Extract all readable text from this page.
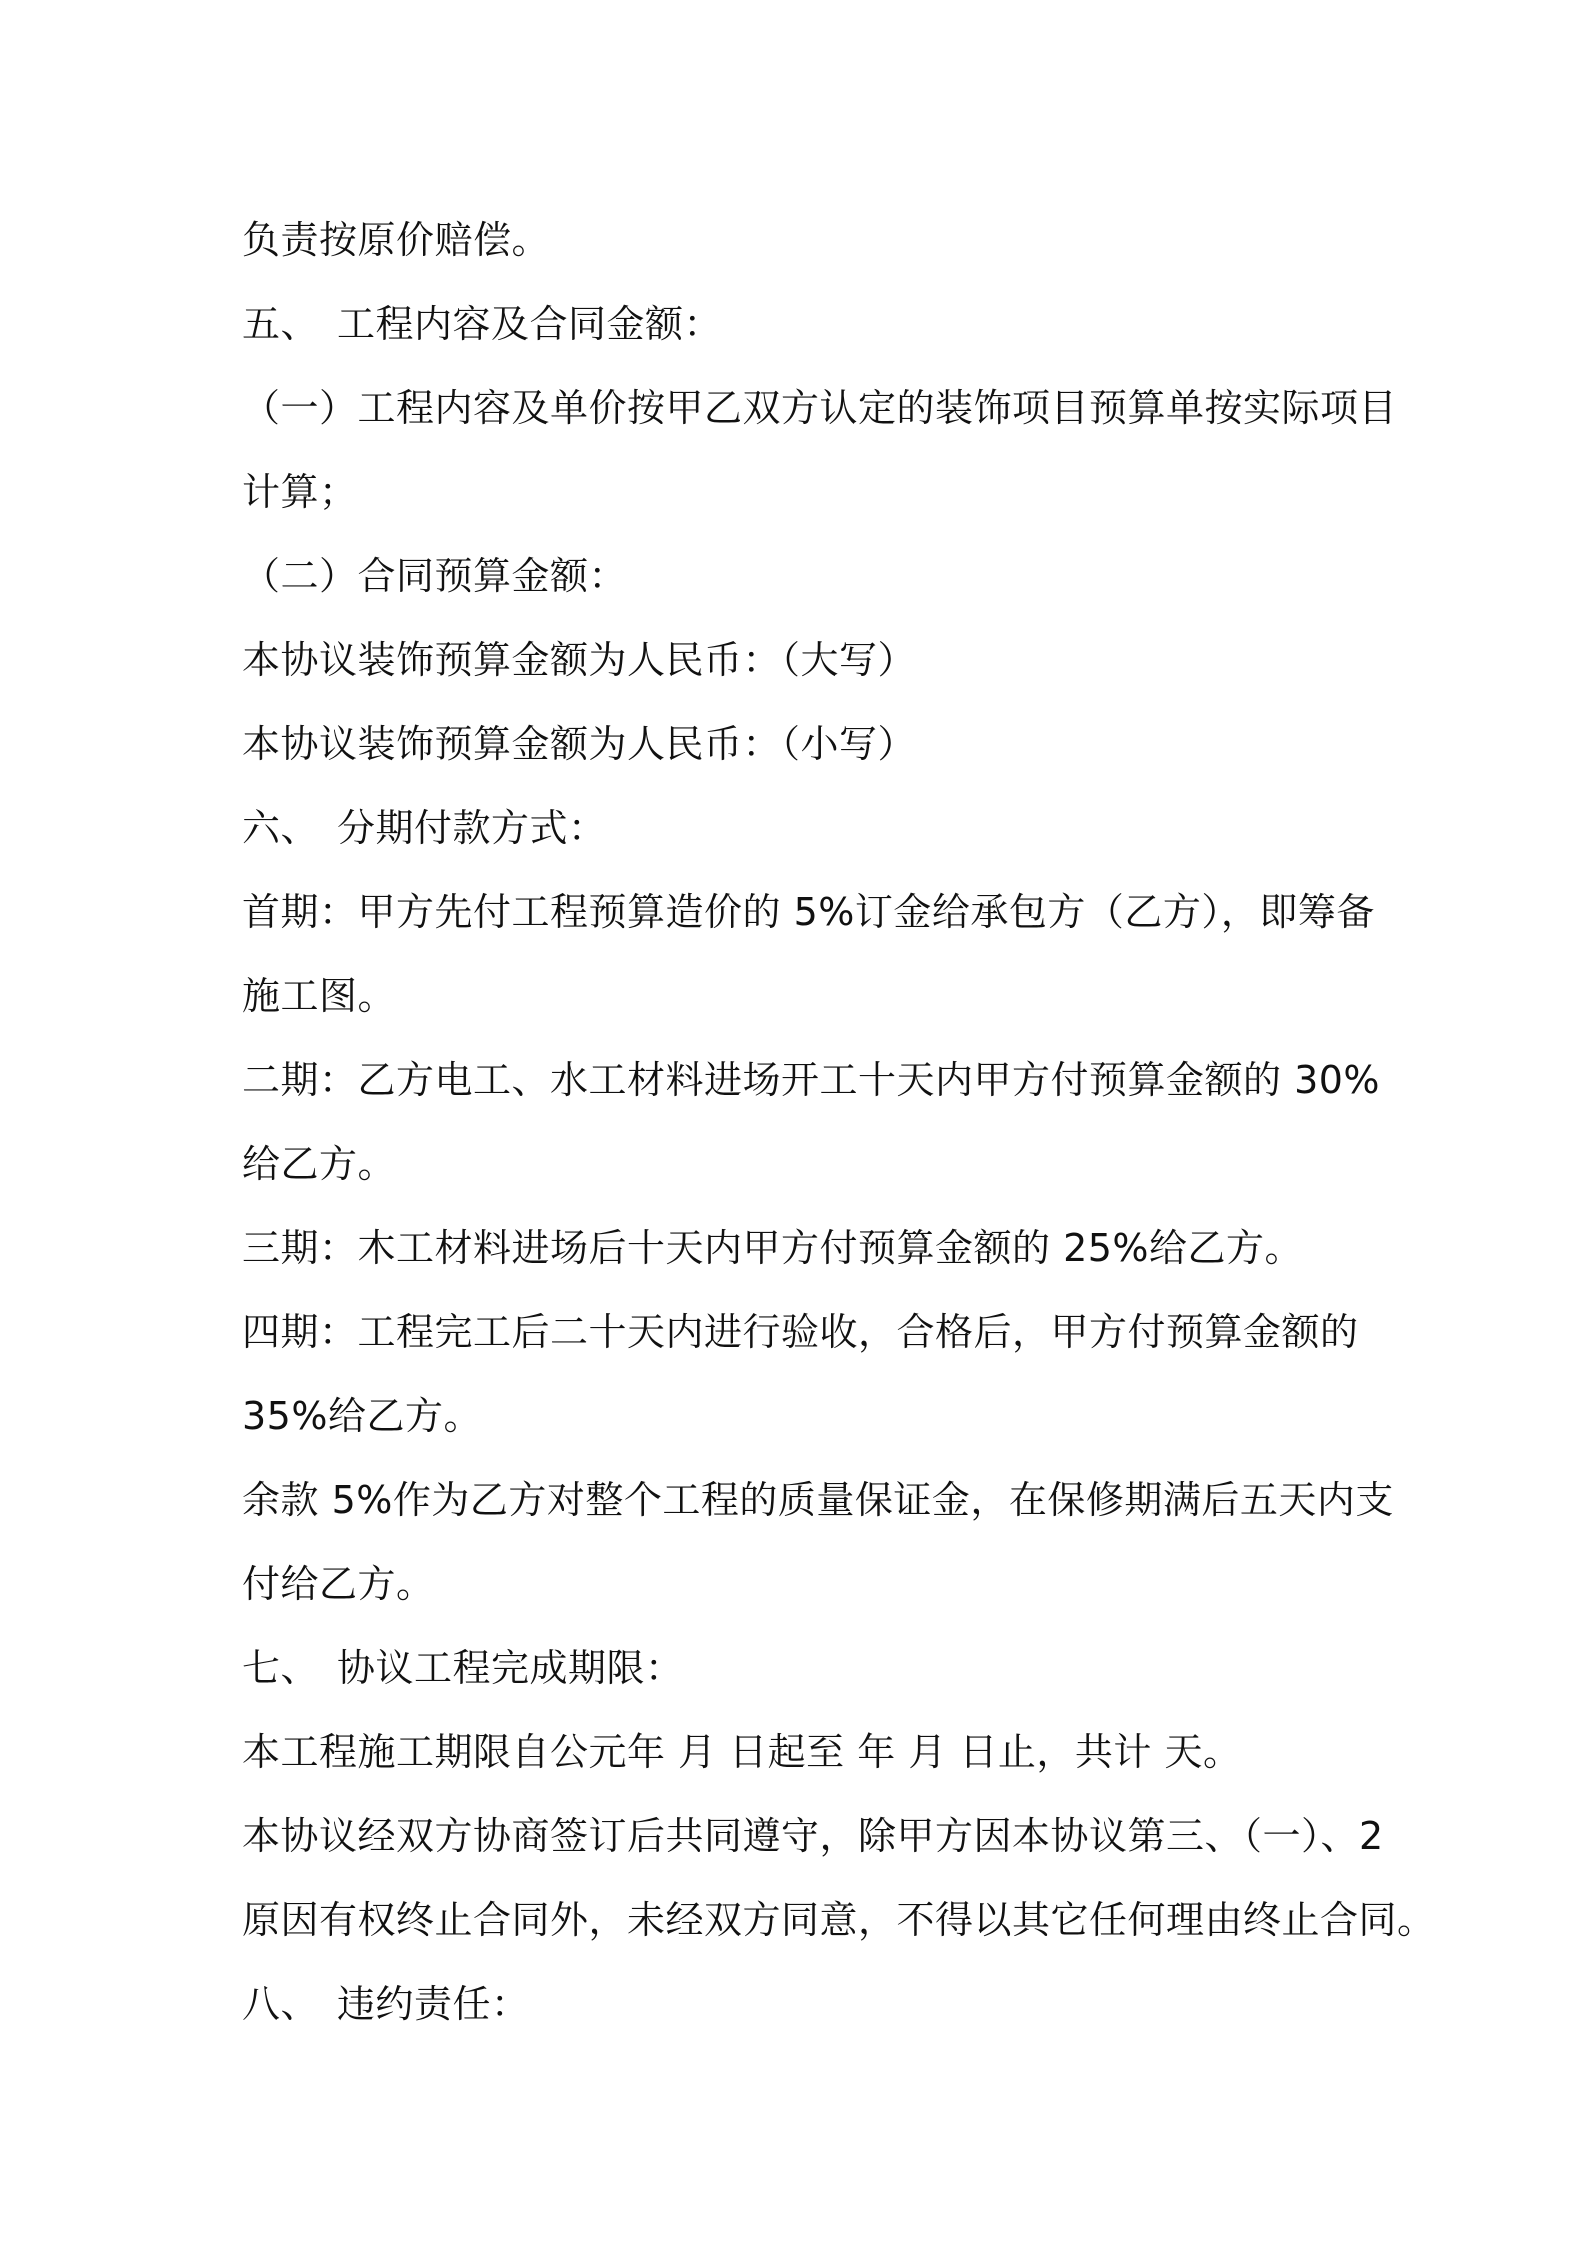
负责按原价赔偿。
五、 工程内容及合同金额：
（一）工程内容及单价按甲乙双方认定的装饰项目预算单按实际项目
计算；
（二）合同预算金额：
本协议装饰预算金额为人民币：（大写）
本协议装饰预算金额为人民币：（小写）
六、 分期付款方式：
首期：甲方先付工程预算造价的 5%订金给承包方（乙方），即筹备
施工图。
二期：乙方电工、水工材料进场开工十天内甲方付预算金额的 30%
给乙方。
三期：木工材料进场后十天内甲方付预算金额的 25%给乙方。
四期：工程完工后二十天内进行验收，合格后，甲方付预算金额的
35%给乙方。
余款 5%作为乙方对整个工程的质量保证金，在保修期满后五天内支
付给乙方。
七、 协议工程完成期限：
本工程施工期限自公元年 月 日起至 年 月 日止，共计 天。
本协议经双方协商签订后共同遵守，除甲方因本协议第三、（一）、2
原因有权终止合同外，未经双方同意，不得以其它任何理由终止合同。
八、 违约责任：
